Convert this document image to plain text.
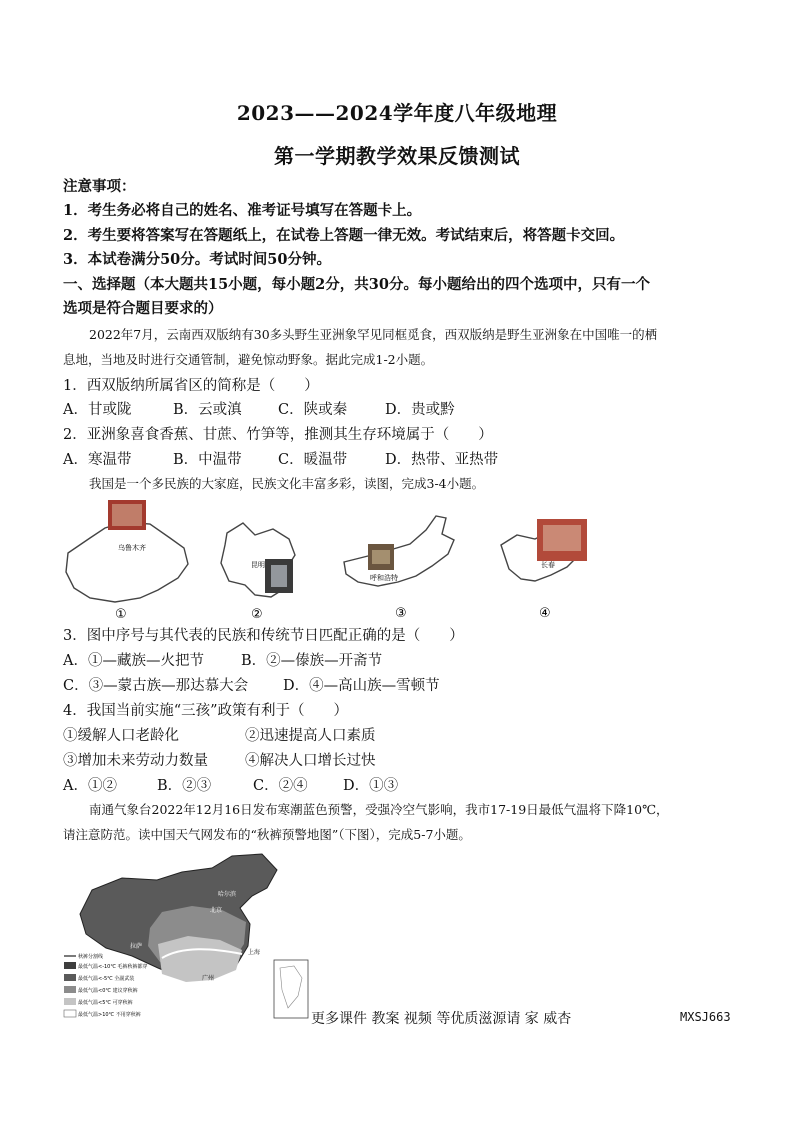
2023——2024学年度八年级地理
第一学期教学效果反馈测试
注意事项：
1．考生务必将自己的姓名、准考证号填写在答题卡上。
2．考生要将答案写在答题纸上，在试卷上答题一律无效。考试结束后，将答题卡交回。
3．本试卷满分50分。考试时间50分钟。
一、选择题（本大题共15小题，每小题2分，共30分。每小题给出的四个选项中，只有一个
选项是符合题目要求的）
2022年7月，云南西双版纳有30多头野生亚洲象罕见同框觅食，西双版纳是野生亚洲象在中国唯一的栖
息地，当地及时进行交通管制，避免惊动野象。据此完成1-2小题。
1．西双版纳所属省区的简称是（　　）
A．甘或陇	B．云或滇	C．陕或秦	D．贵或黔
2．亚洲象喜食香蕉、甘蔗、竹笋等，推测其生存环境属于（　　）
A．寒温带	B．中温带	C．暖温带	D．热带、亚热带
我国是一个多民族的大家庭，民族文化丰富多彩，读图，完成3-4小题。
乌鲁木齐
①
昆明
②
呼和浩特
③
长春
④
3．图中序号与其代表的民族和传统节日匹配正确的是（　　）
A．①—藏族—火把节	B．②—傣族—开斋节
C．③—蒙古族—那达慕大会 D．④—高山族—雪顿节
4．我国当前实施“三孩”政策有利于（　　）
①缓解人口老龄化	②迅速提高人口素质
③增加未来劳动力数量	④解决人口增长过快
A．①②	B．②③	C．②④ D．①③
南通气象台2022年12月16日发布寒潮蓝色预警，受强冷空气影响，我市17-19日最低气温将下降10℃，
请注意防范。读中国天气网发布的“秋裤预警地图”（下图），完成5-7小题。
哈尔滨
北京
拉萨
上海
广州
秋裤分割线
最低气温<-10℃ 毛裤秋裤都穿
最低气温<-5℃ 全副武装
最低气温<0℃ 建议穿秋裤
最低气温<5℃ 可穿秋裤
最低气温>10℃ 不用穿秋裤	更多课件 教案 视频 等优质滋源请 家 威杏	MXSJ663
